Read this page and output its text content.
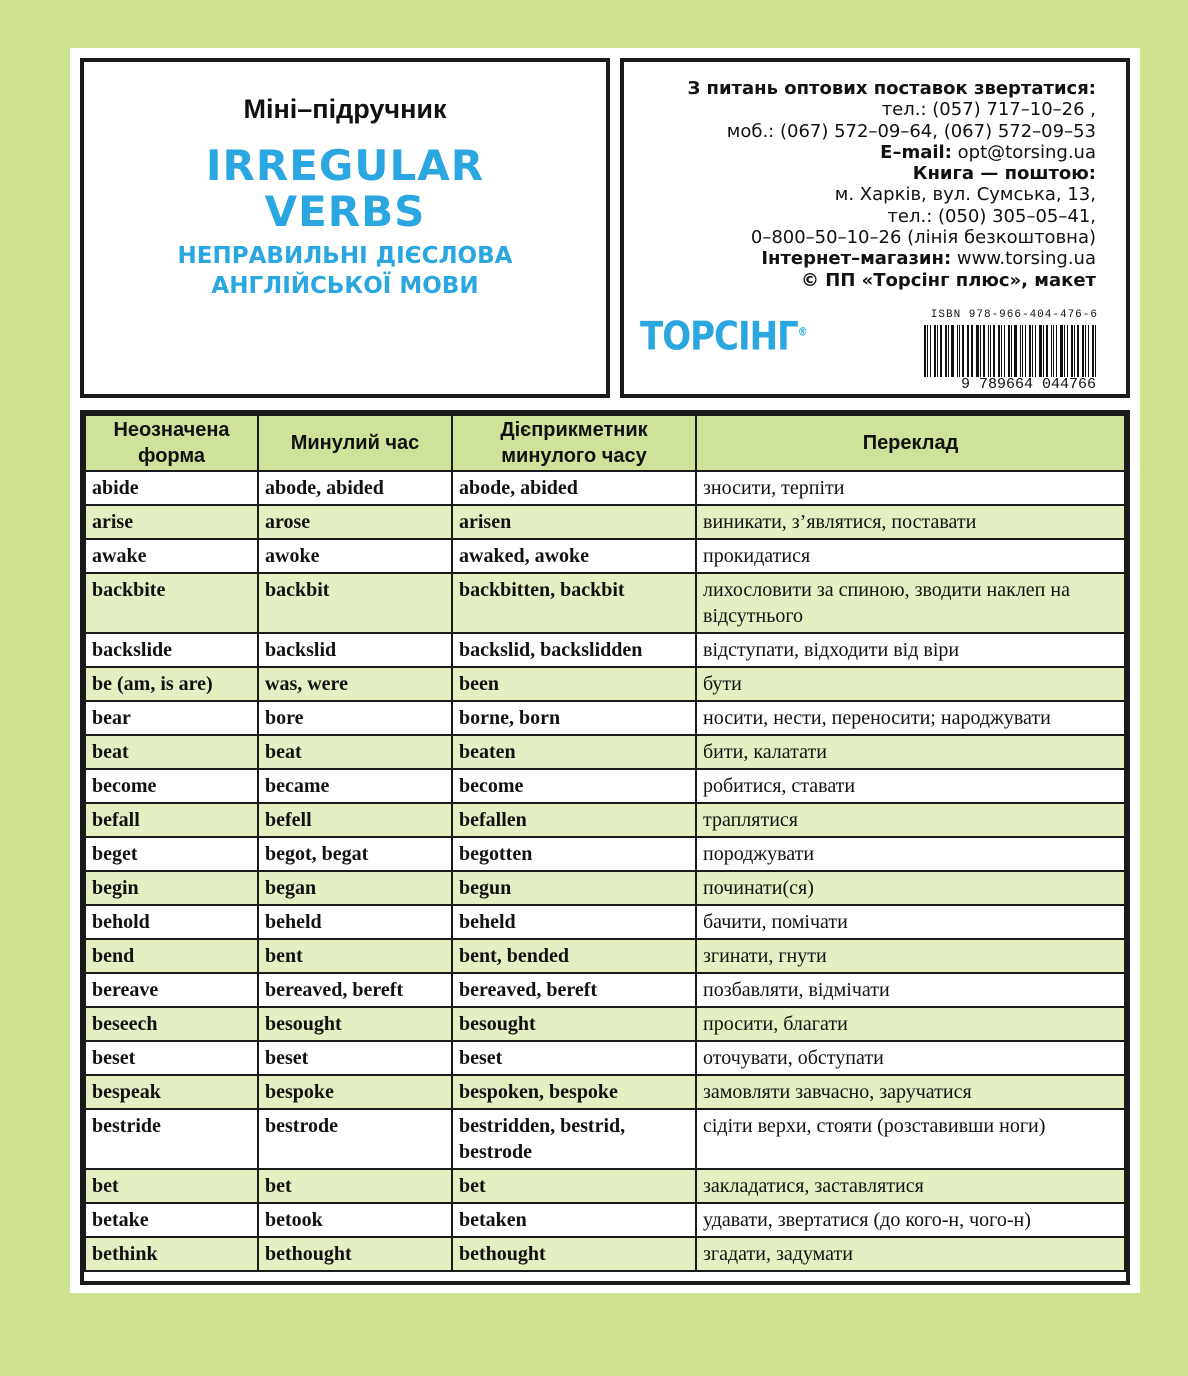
Міні–підручник
IRREGULAR
VERBS
НЕПРАВИЛЬНІ ДІЄСЛОВА
АНГЛІЙСЬКОЇ МОВИ
З питань оптових поставок звертатися:
тел.: (057) 717–10–26 ,
моб.: (067) 572–09–64, (067) 572–09–53
E–mail: opt@torsing.ua
Книга — поштою:
м. Харків, вул. Сумська, 13,
тел.: (050) 305–05–41,
0–800–50–10–26 (лінія безкоштовна)
Інтернет–магазин: www.torsing.ua
© ПП «Торсінг плюс», макет
ТОРСІНГ®
ISBN 978-966-404-476-6
9 789664 044766
Неозначена форма	Минулий час	Дієприкметник минулого часу	Переклад
abide	abode, abided	abode, abided	зносити, терпіти
arise	arose	arisen	виникати, з’являтися, поставати
awake	awoke	awaked, awoke	прокидатися
backbite	backbit	backbitten, backbit	лихословити за спиною, зводити наклеп на відсутнього
backslide	backslid	backslid, backslidden	відступати, відходити від віри
be (am, is are)	was, were	been	бути
bear	bore	borne, born	носити, нести, переносити; народжувати
beat	beat	beaten	бити, калатати
become	became	become	робитися, ставати
befall	befell	befallen	траплятися
beget	begot, begat	begotten	породжувати
begin	began	begun	починати(ся)
behold	beheld	beheld	бачити, помічати
bend	bent	bent, bended	згинати, гнути
bereave	bereaved, bereft	bereaved, bereft	позбавляти, відмічати
beseech	besought	besought	просити, благати
beset	beset	beset	оточувати, обступати
bespeak	bespoke	bespoken, bespoke	замовляти завчасно, заручатися
bestride	bestrode	bestridden, bestrid, bestrode	сідіти верхи, стояти (розставивши ноги)
bet	bet	bet	закладатися, заставлятися
betake	betook	betaken	удавати, звертатися (до кого-н, чого-н)
bethink	bethought	bethought	згадати, задумати
